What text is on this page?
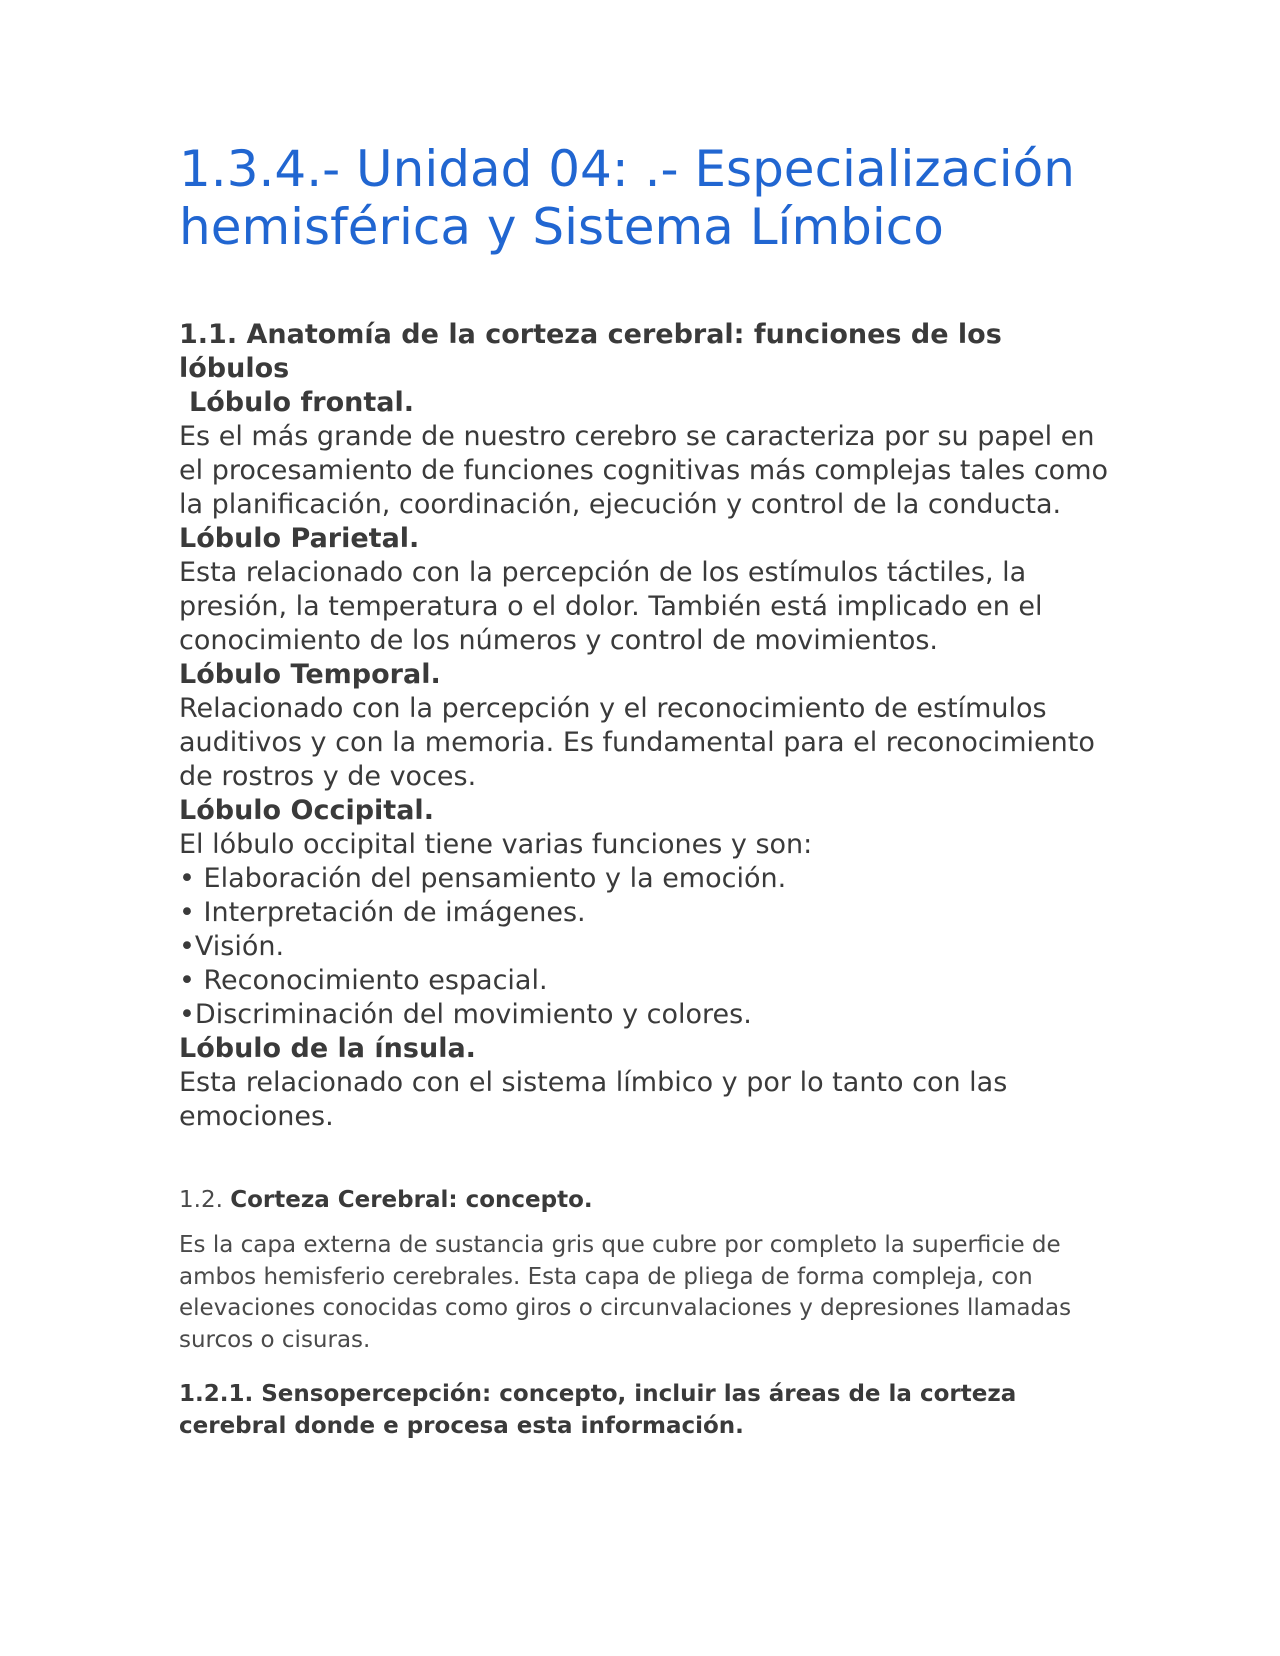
1.3.4.- Unidad 04: .- Especialización hemisférica y Sistema Límbico

1.1. Anatomía de la corteza cerebral: funciones de los lóbulos

Lóbulo frontal.

Es el más grande de nuestro cerebro se caracteriza por su papel en el procesamiento de funciones cognitivas más complejas tales como la planificación, coordinación, ejecución y control de la conducta.

Lóbulo Parietal.

Esta relacionado con la percepción de los estímulos táctiles, la presión, la temperatura o el dolor. También está implicado en el conocimiento de los números y control de movimientos.

Lóbulo Temporal.

Relacionado con la percepción y el reconocimiento de estímulos auditivos y con la memoria. Es fundamental para el reconocimiento de rostros y de voces.

Lóbulo Occipital.

El lóbulo occipital tiene varias funciones y son:

• Elaboración del pensamiento y la emoción.

• Interpretación de imágenes.

•Visión.

• Reconocimiento espacial.

•Discriminación del movimiento y colores.

Lóbulo de la ínsula.

Esta relacionado con el sistema límbico y por lo tanto con las emociones.

1.2. Corteza Cerebral: concepto.

Es la capa externa de sustancia gris que cubre por completo la superficie de ambos hemisferio cerebrales. Esta capa de pliega de forma compleja, con elevaciones conocidas como giros o circunvalaciones y depresiones llamadas surcos o cisuras.

1.2.1. Sensopercepción: concepto, incluir las áreas de la corteza cerebral donde e procesa esta información.
